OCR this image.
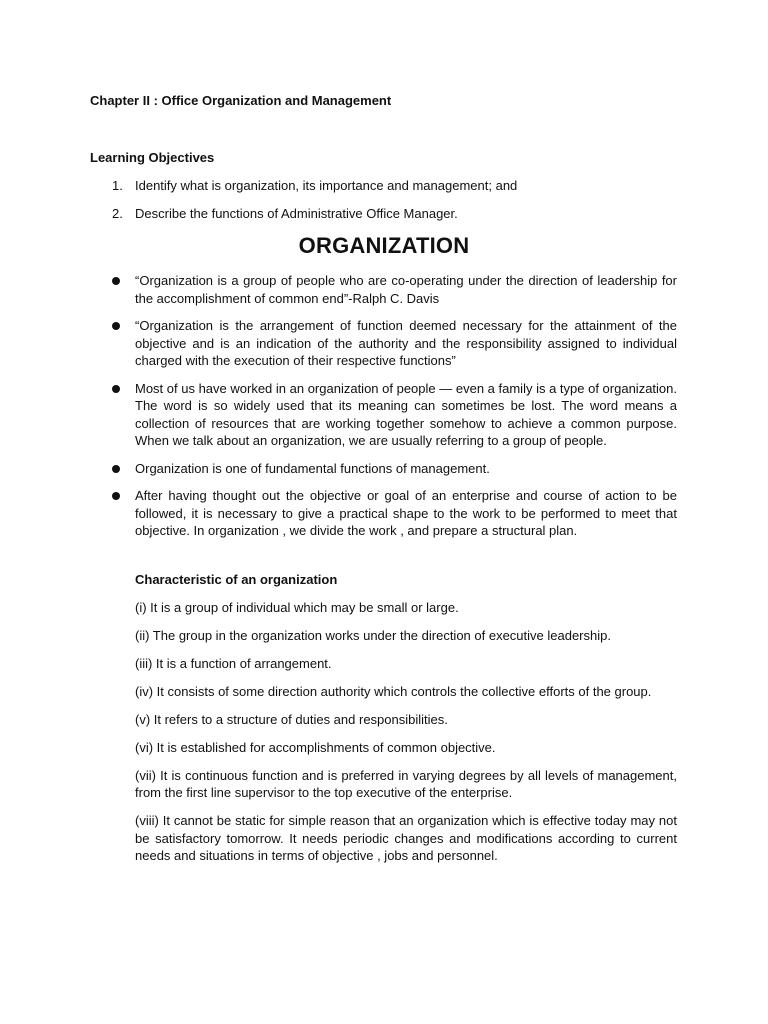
Chapter II : Office Organization and Management
Learning Objectives
1. Identify what is organization, its importance and management; and
2. Describe the functions of Administrative Office Manager.
ORGANIZATION
“Organization is a group of people who are co-operating under the direction of leadership for the accomplishment of common end”-Ralph C. Davis
“Organization is the arrangement of function deemed necessary for the attainment of the objective and is an indication of the authority and the responsibility assigned to individual charged with the execution of their respective functions”
Most of us have worked in an organization of people — even a family is a type of organization. The word is so widely used that its meaning can sometimes be lost. The word means a collection of resources that are working together somehow to achieve a common purpose. When we talk about an organization, we are usually referring to a group of people.
Organization is one of fundamental functions of management.
After having thought out the objective or goal of an enterprise and course of action to be followed, it is necessary to give a practical shape to the work to be performed to meet that objective. In organization , we divide the work , and prepare a structural plan.
Characteristic of an organization
(i) It is a group of individual which may be small or large.
(ii) The group in the organization works under the direction of executive leadership.
(iii) It is a function of arrangement.
(iv) It consists of some direction authority which controls the collective efforts of the group.
(v) It refers to a structure of duties and responsibilities.
(vi) It is established for accomplishments of common objective.
(vii) It is continuous function and is preferred in varying degrees by all levels of management, from the first line supervisor to the top executive of the enterprise.
(viii) It cannot be static for simple reason that an organization which is effective today may not be satisfactory tomorrow. It needs periodic changes and modifications according to current needs and situations in terms of objective , jobs and personnel.
